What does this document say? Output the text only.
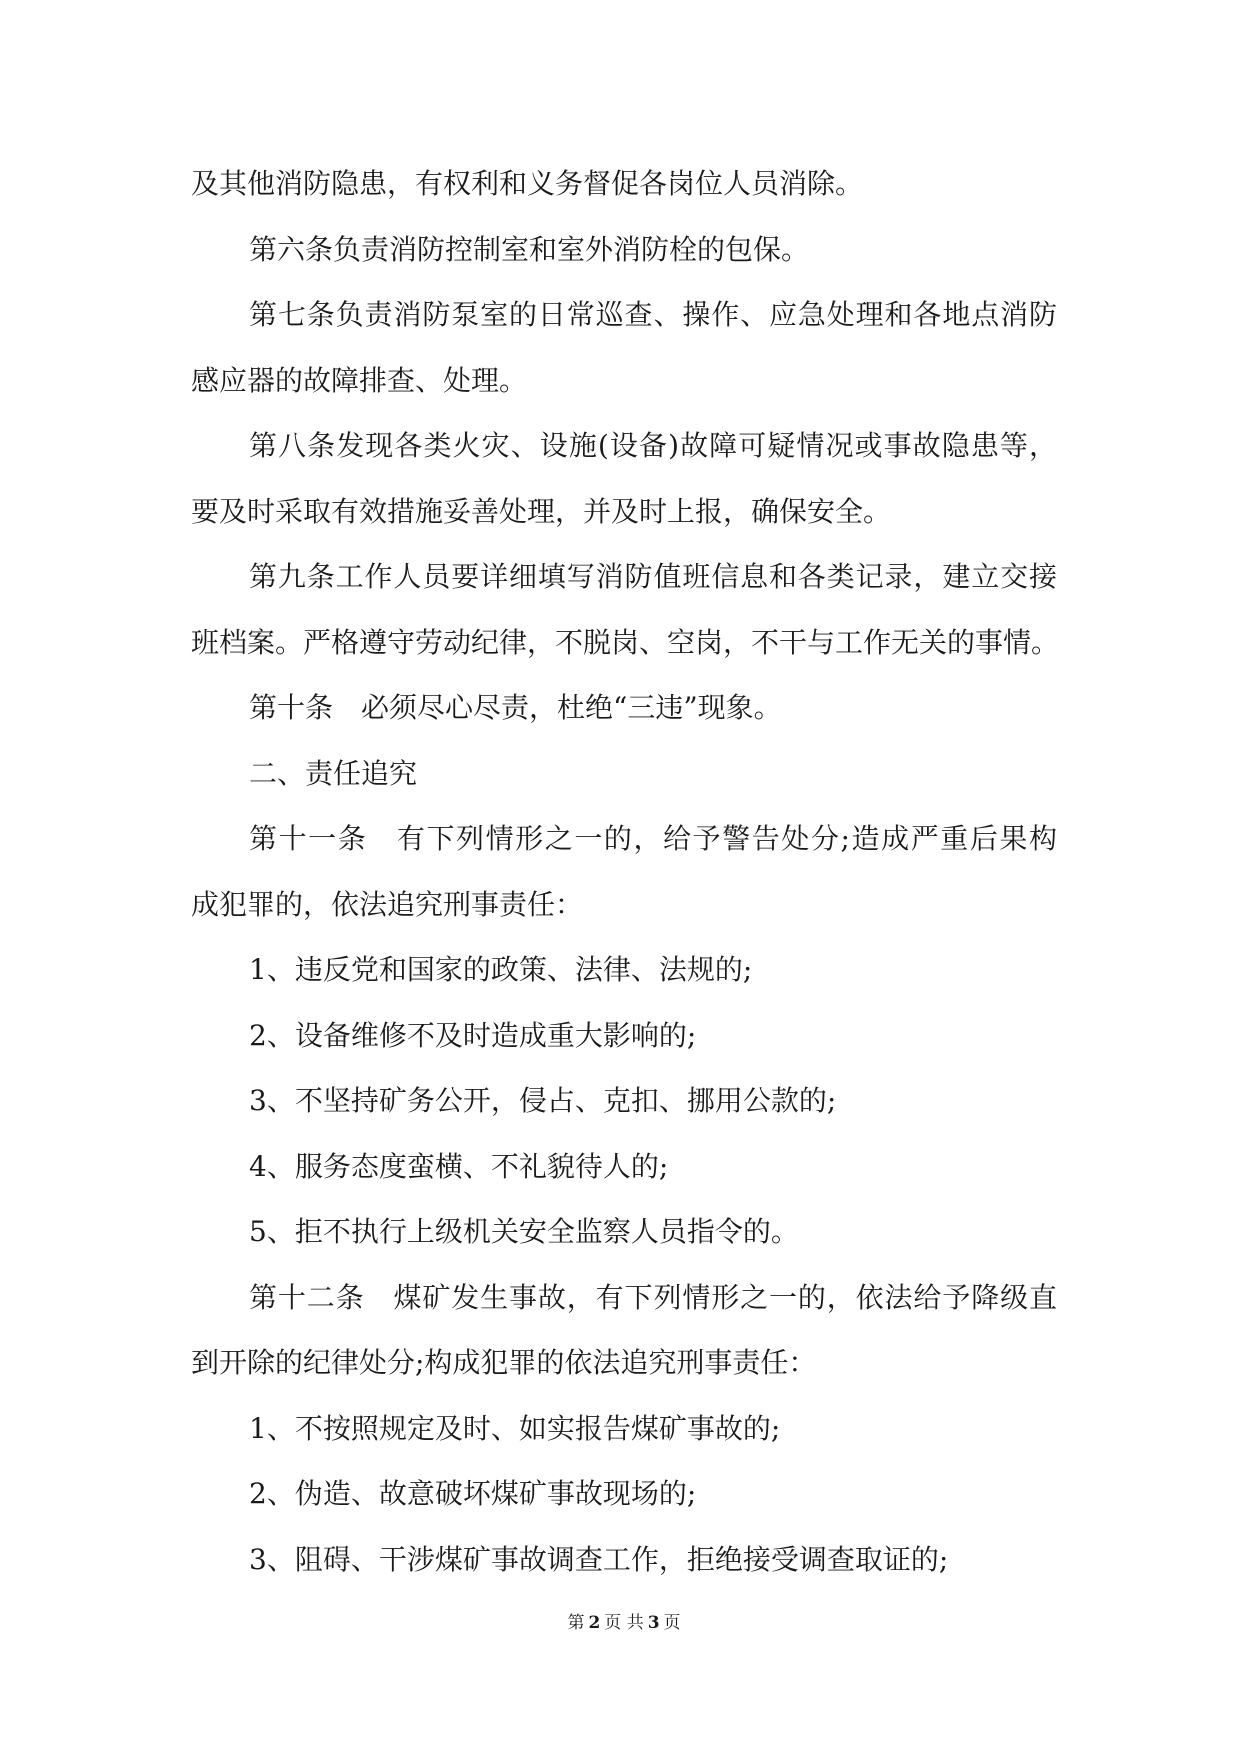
及其他消防隐患，有权利和义务督促各岗位人员消除。
第六条负责消防控制室和室外消防栓的包保。
第七条负责消防泵室的日常巡查、操作、应急处理和各地点消防
感应器的故障排查、处理。
第八条发现各类火灾、设施(设备)故障可疑情况或事故隐患等，
要及时采取有效措施妥善处理，并及时上报，确保安全。
第九条工作人员要详细填写消防值班信息和各类记录，建立交接
班档案。严格遵守劳动纪律，不脱岗、空岗，不干与工作无关的事情。
第十条　必须尽心尽责，杜绝“三违”现象。
二、责任追究
第十一条　有下列情形之一的，给予警告处分;造成严重后果构
成犯罪的，依法追究刑事责任：
1、违反党和国家的政策、法律、法规的;
2、设备维修不及时造成重大影响的;
3、不坚持矿务公开，侵占、克扣、挪用公款的;
4、服务态度蛮横、不礼貌待人的;
5、拒不执行上级机关安全监察人员指令的。
第十二条　煤矿发生事故，有下列情形之一的，依法给予降级直
到开除的纪律处分;构成犯罪的依法追究刑事责任：
1、不按照规定及时、如实报告煤矿事故的;
2、伪造、故意破坏煤矿事故现场的;
3、阻碍、干涉煤矿事故调查工作，拒绝接受调查取证的;
第 2 页 共 3 页
